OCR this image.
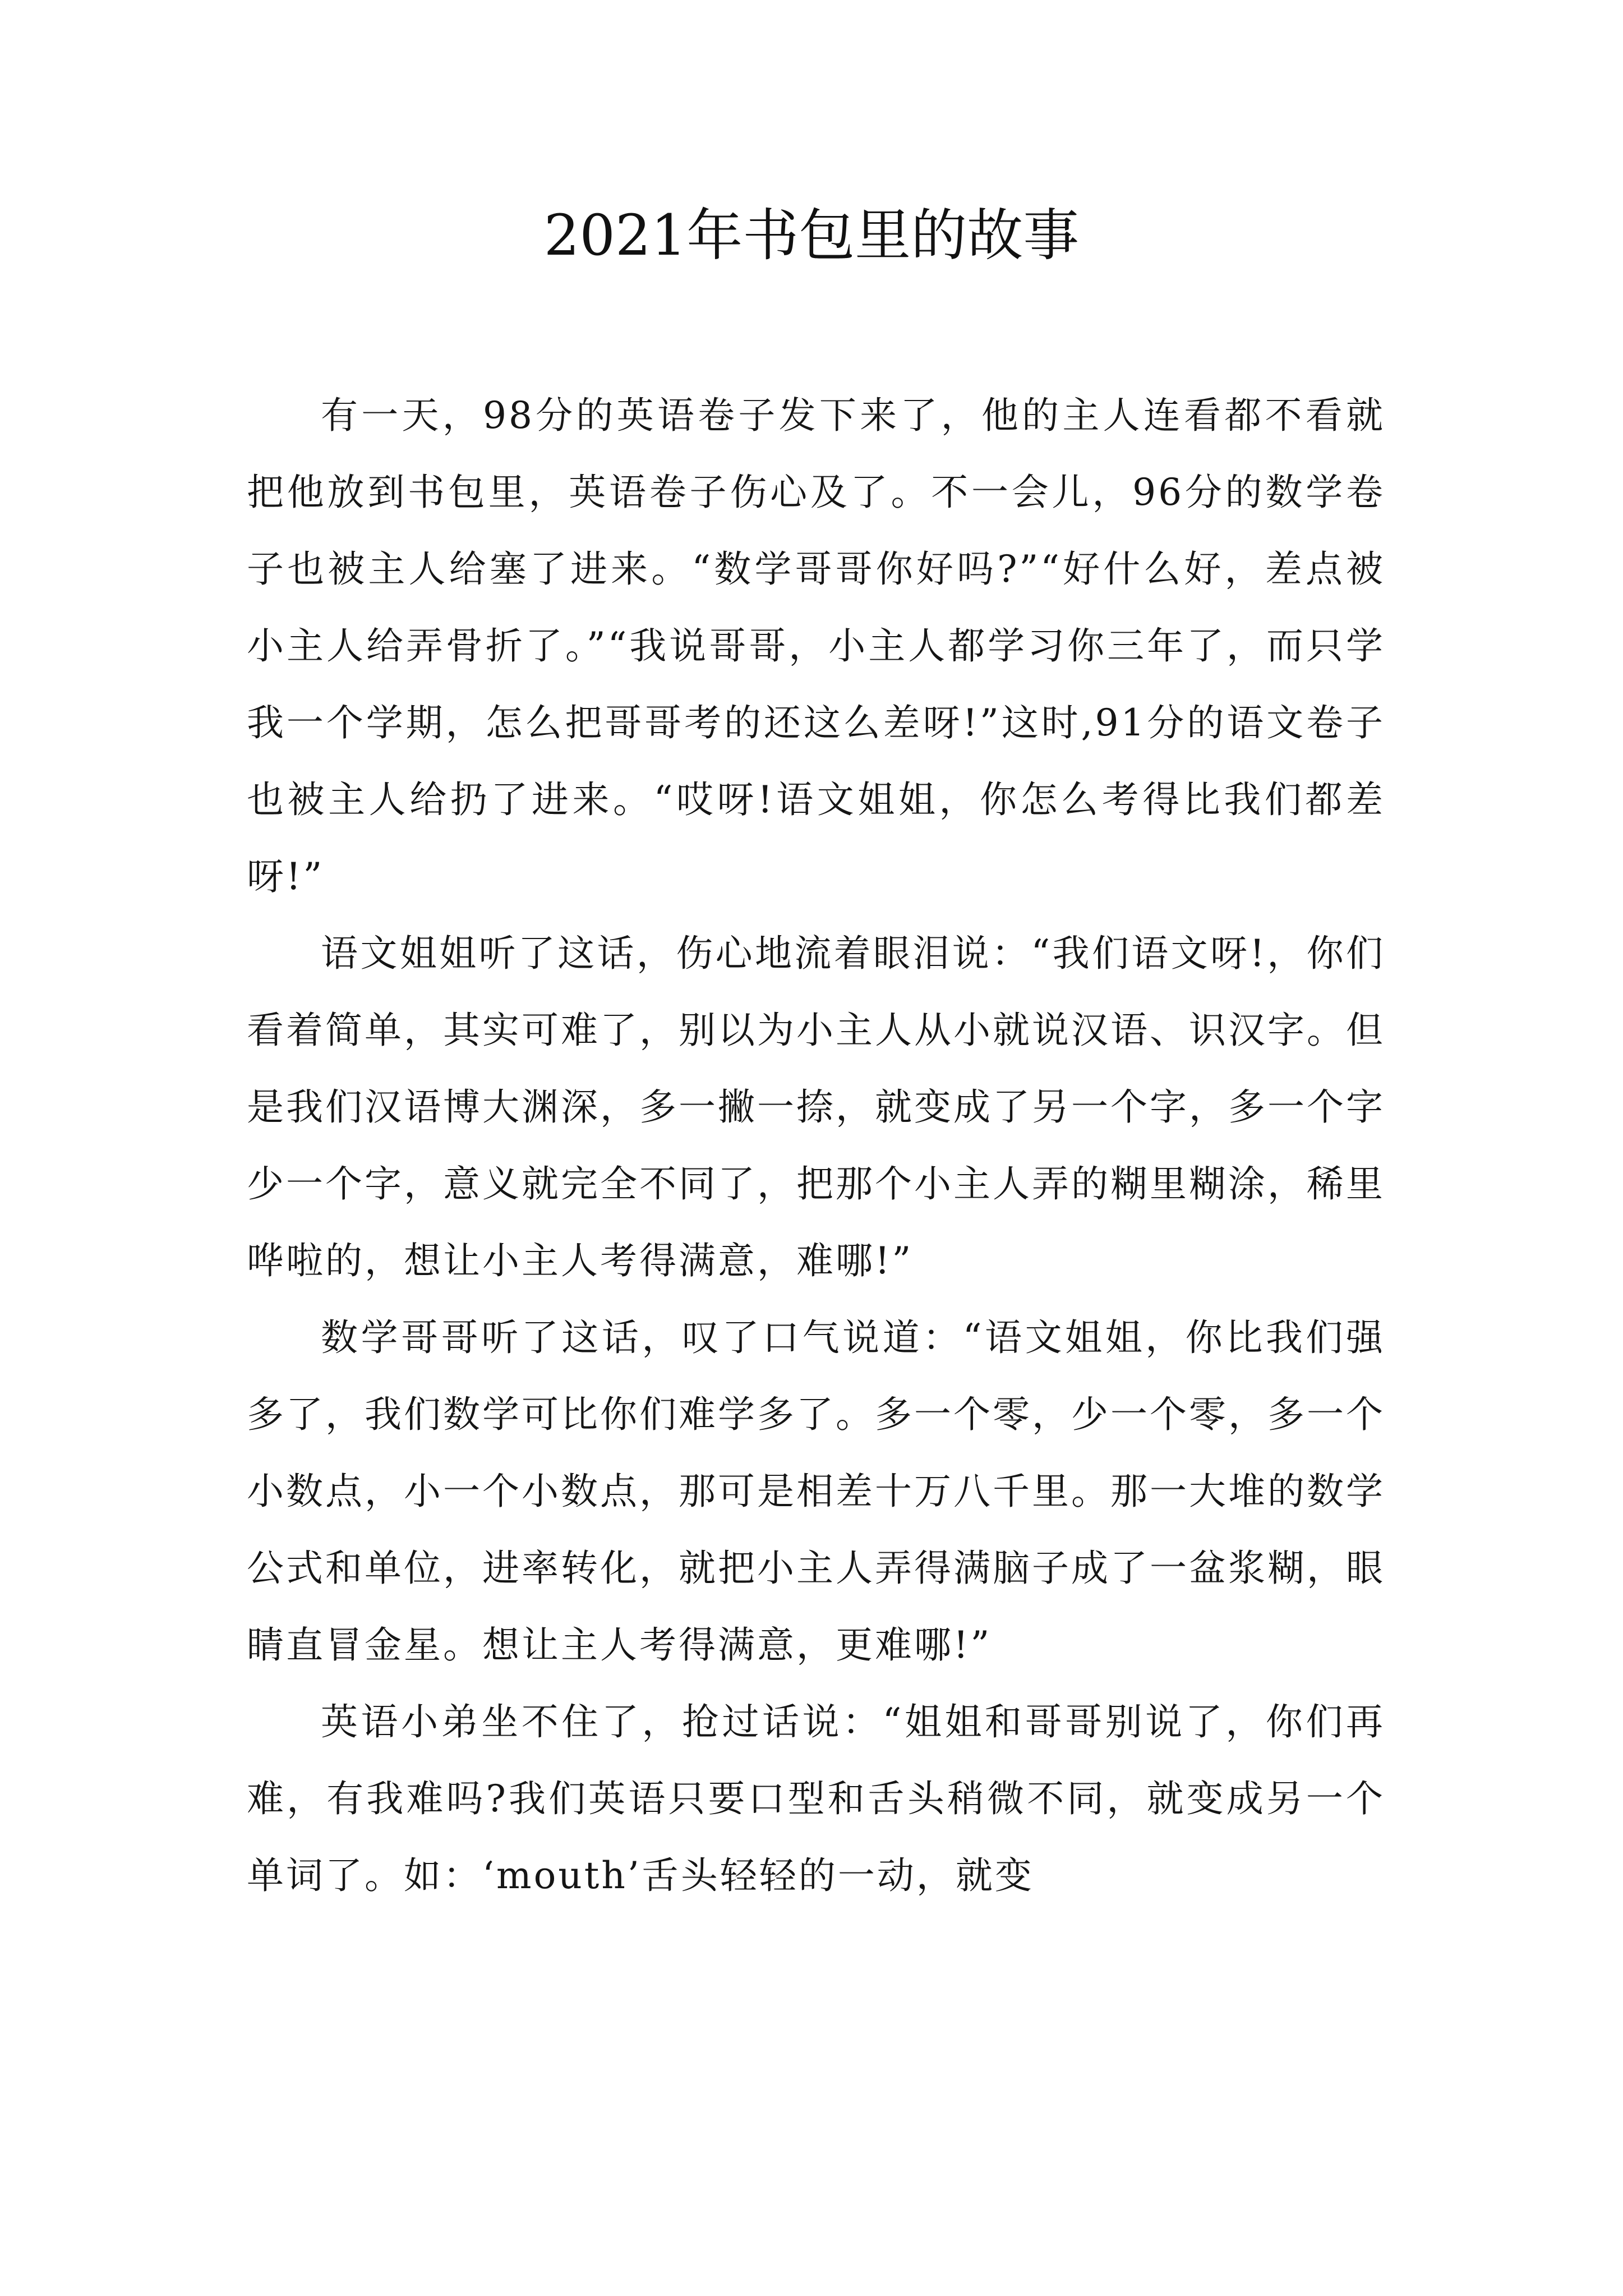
2021年书包里的故事

有一天，98分的英语卷子发下来了，他的主人连看都不看就把他放到书包里，英语卷子伤心及了。不一会儿，96分的数学卷子也被主人给塞了进来。“数学哥哥你好吗?”“好什么好，差点被小主人给弄骨折了。”“我说哥哥，小主人都学习你三年了，而只学我一个学期，怎么把哥哥考的还这么差呀!”这时,91分的语文卷子也被主人给扔了进来。“哎呀!语文姐姐，你怎么考得比我们都差呀!”

语文姐姐听了这话，伤心地流着眼泪说：“我们语文呀!，你们看着简单，其实可难了，别以为小主人从小就说汉语、识汉字。但是我们汉语博大渊深，多一撇一捺，就变成了另一个字，多一个字少一个字，意义就完全不同了，把那个小主人弄的糊里糊涂，稀里哗啦的，想让小主人考得满意，难哪!”

数学哥哥听了这话，叹了口气说道：“语文姐姐，你比我们强多了，我们数学可比你们难学多了。多一个零，少一个零，多一个小数点，小一个小数点，那可是相差十万八千里。那一大堆的数学公式和单位，进率转化，就把小主人弄得满脑子成了一盆浆糊，眼睛直冒金星。想让主人考得满意，更难哪!”

英语小弟坐不住了，抢过话说：“姐姐和哥哥别说了，你们再难，有我难吗?我们英语只要口型和舌头稍微不同，就变成另一个单词了。如：‘mouth’舌头轻轻的一动，就变
